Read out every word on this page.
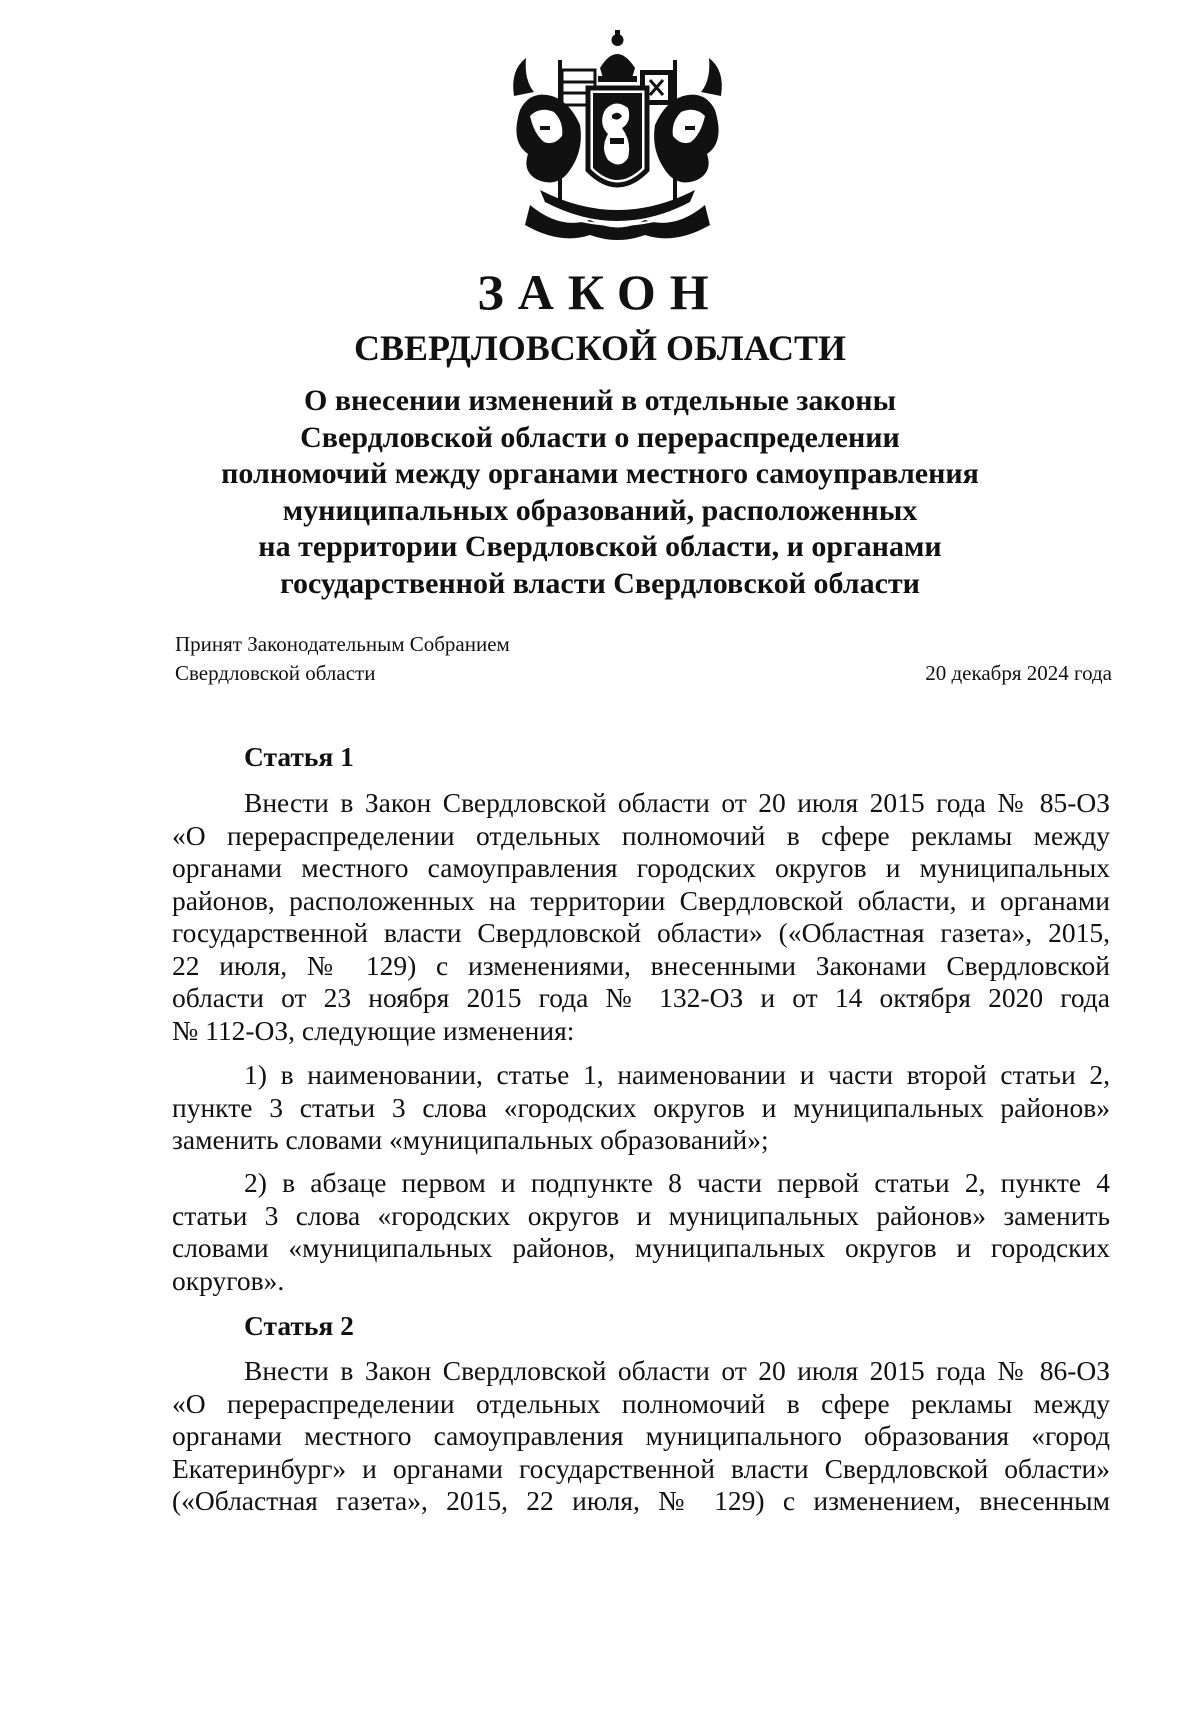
ЗАКОН
СВЕРДЛОВСКОЙ ОБЛАСТИ
О внесении изменений в отдельные законы
Свердловской области о перераспределении
полномочий между органами местного самоуправления
муниципальных образований, расположенных
на территории Свердловской области, и органами
государственной власти Свердловской области
Принят Законодательным Собранием
Свердловской области	20 декабря 2024 года
Статья 1
Внести в Закон Свердловской области от 20 июля 2015 года № 85-ОЗ
«О перераспределении отдельных полномочий в сфере рекламы между
органами местного самоуправления городских округов и муниципальных
районов, расположенных на территории Свердловской области, и органами
государственной власти Свердловской области» («Областная газета», 2015,
22 июля, № 129) с изменениями, внесенными Законами Свердловской
области от 23 ноября 2015 года № 132-ОЗ и от 14 октября 2020 года
№ 112-ОЗ, следующие изменения:
1) в наименовании, статье 1, наименовании и части второй статьи 2,
пункте 3 статьи 3 слова «городских округов и муниципальных районов»
заменить словами «муниципальных образований»;
2) в абзаце первом и подпункте 8 части первой статьи 2, пункте 4
статьи 3 слова «городских округов и муниципальных районов» заменить
словами «муниципальных районов, муниципальных округов и городских
округов».
Статья 2
Внести в Закон Свердловской области от 20 июля 2015 года № 86-ОЗ
«О перераспределении отдельных полномочий в сфере рекламы между
органами местного самоуправления муниципального образования «город
Екатеринбург» и органами государственной власти Свердловской области»
(«Областная газета», 2015, 22 июля, № 129) с изменением, внесенным
